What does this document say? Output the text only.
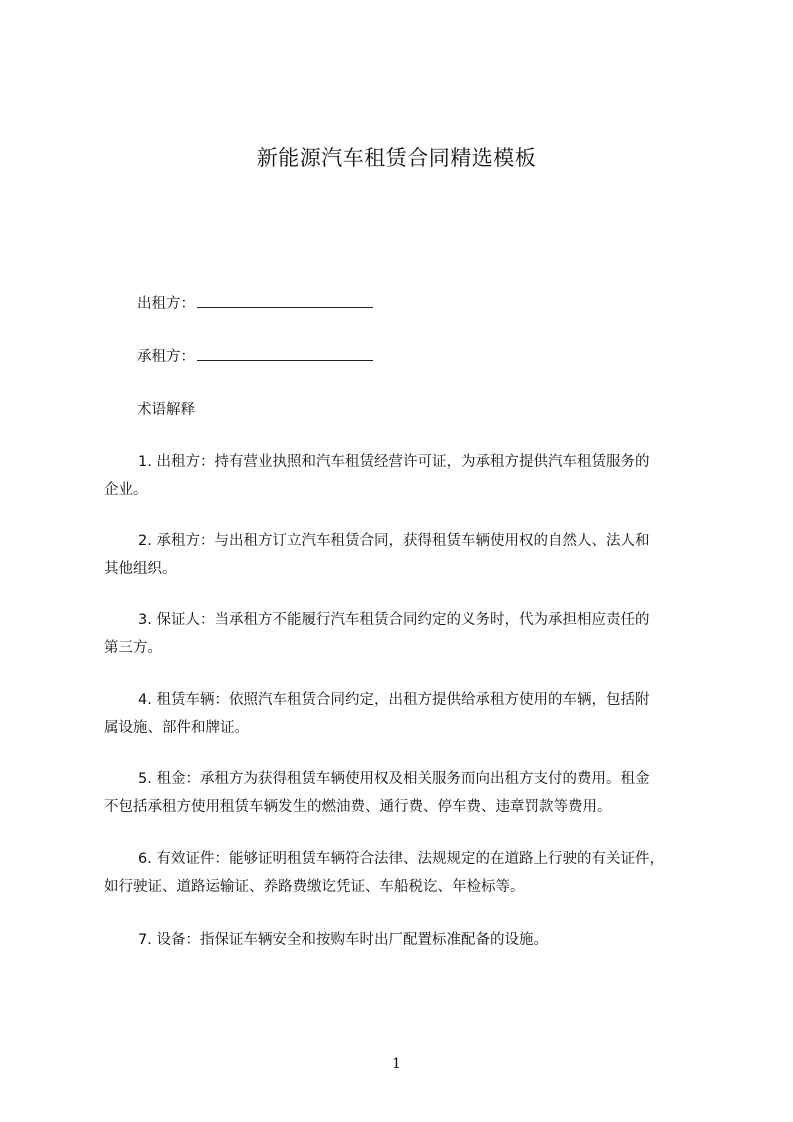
新能源汽车租赁合同精选模板
出租方：
承租方：
术语解释
1. 出租方：持有营业执照和汽车租赁经营许可证，为承租方提供汽车租赁服务的
企业。
2. 承租方：与出租方订立汽车租赁合同，获得租赁车辆使用权的自然人、法人和
其他组织。
3. 保证人：当承租方不能履行汽车租赁合同约定的义务时，代为承担相应责任的
第三方。
4. 租赁车辆：依照汽车租赁合同约定，出租方提供给承租方使用的车辆，包括附
属设施、部件和牌证。
5. 租金：承租方为获得租赁车辆使用权及相关服务而向出租方支付的费用。租金
不包括承租方使用租赁车辆发生的燃油费、通行费、停车费、违章罚款等费用。
6. 有效证件：能够证明租赁车辆符合法律、法规规定的在道路上行驶的有关证件，
如行驶证、道路运输证、养路费缴讫凭证、车船税讫、年检标等。
7. 设备：指保证车辆安全和按购车时出厂配置标准配备的设施。
1
